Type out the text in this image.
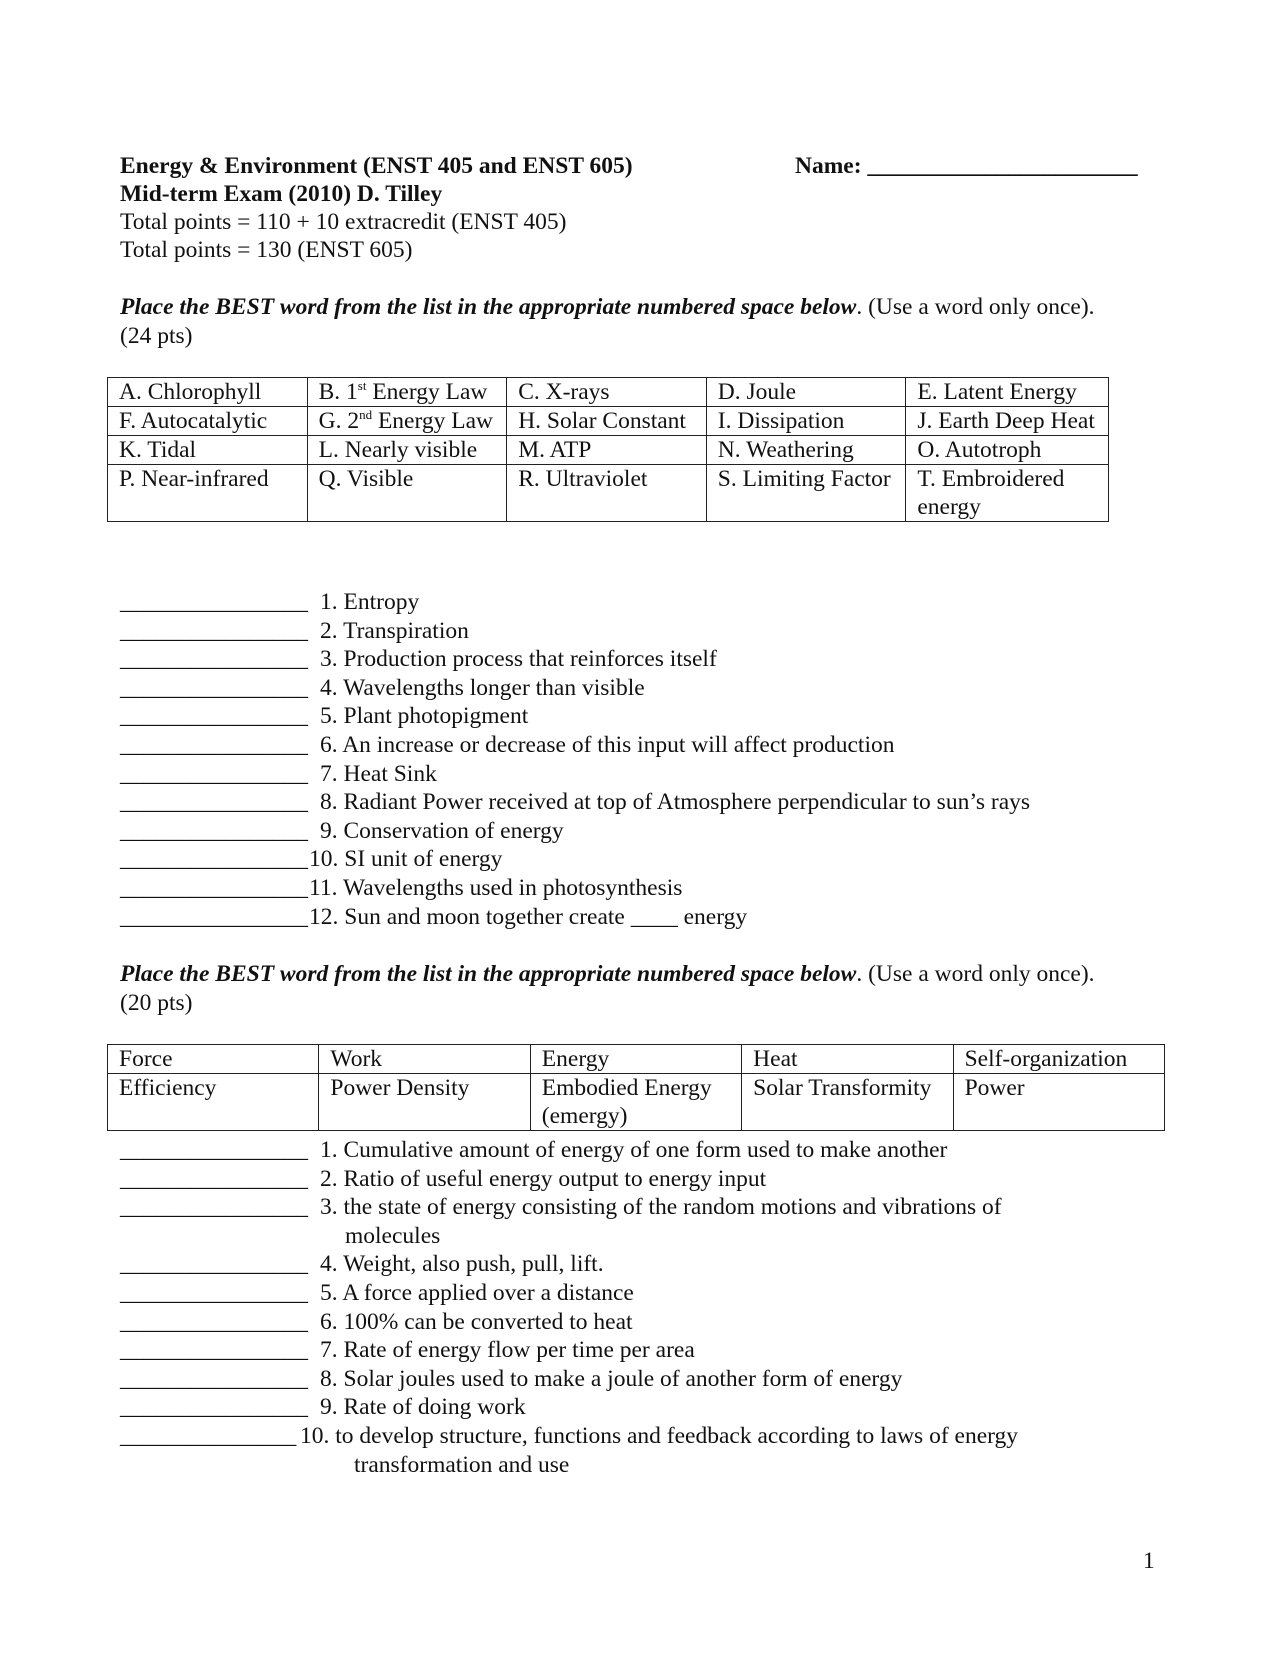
Energy & Environment (ENST 405 and ENST 605)	Name: _______________________
Mid-term Exam (2010) D. Tilley
Total points = 110 + 10 extracredit (ENST 405)
Total points = 130 (ENST 605)
Place the BEST word from the list in the appropriate numbered space below. (Use a word only once). (24 pts)
A. Chlorophyll	B. 1st Energy Law	C. X-rays	D. Joule	E. Latent Energy
F. Autocatalytic	G. 2nd Energy Law	H. Solar Constant	I. Dissipation	J. Earth Deep Heat
K. Tidal	L. Nearly visible	M. ATP	N. Weathering	O. Autotroph
P. Near-infrared	Q. Visible	R. Ultraviolet	S. Limiting Factor	T. Embroidered energy
________________ 1. Entropy
________________ 2. Transpiration
________________ 3. Production process that reinforces itself
________________ 4. Wavelengths longer than visible
________________ 5. Plant photopigment
________________ 6. An increase or decrease of this input will affect production
________________ 7. Heat Sink
________________ 8. Radiant Power received at top of Atmosphere perpendicular to sun’s rays
________________ 9. Conservation of energy
________________ 10. SI unit of energy
________________ 11. Wavelengths used in photosynthesis
________________ 12. Sun and moon together create ____ energy
Place the BEST word from the list in the appropriate numbered space below. (Use a word only once). (20 pts)
Force	Work	Energy	Heat	Self-organization
Efficiency	Power Density	Embodied Energy (emergy)	Solar Transformity	Power
________________ 1. Cumulative amount of energy of one form used to make another
________________ 2. Ratio of useful energy output to energy input
________________ 3. the state of energy consisting of the random motions and vibrations of
molecules
________________ 4. Weight, also push, pull, lift.
________________ 5. A force applied over a distance
________________ 6. 100% can be converted to heat
________________ 7. Rate of energy flow per time per area
________________ 8. Solar joules used to make a joule of another form of energy
________________ 9. Rate of doing work
_______________ 10. to develop structure, functions and feedback according to laws of energy
transformation and use
1
